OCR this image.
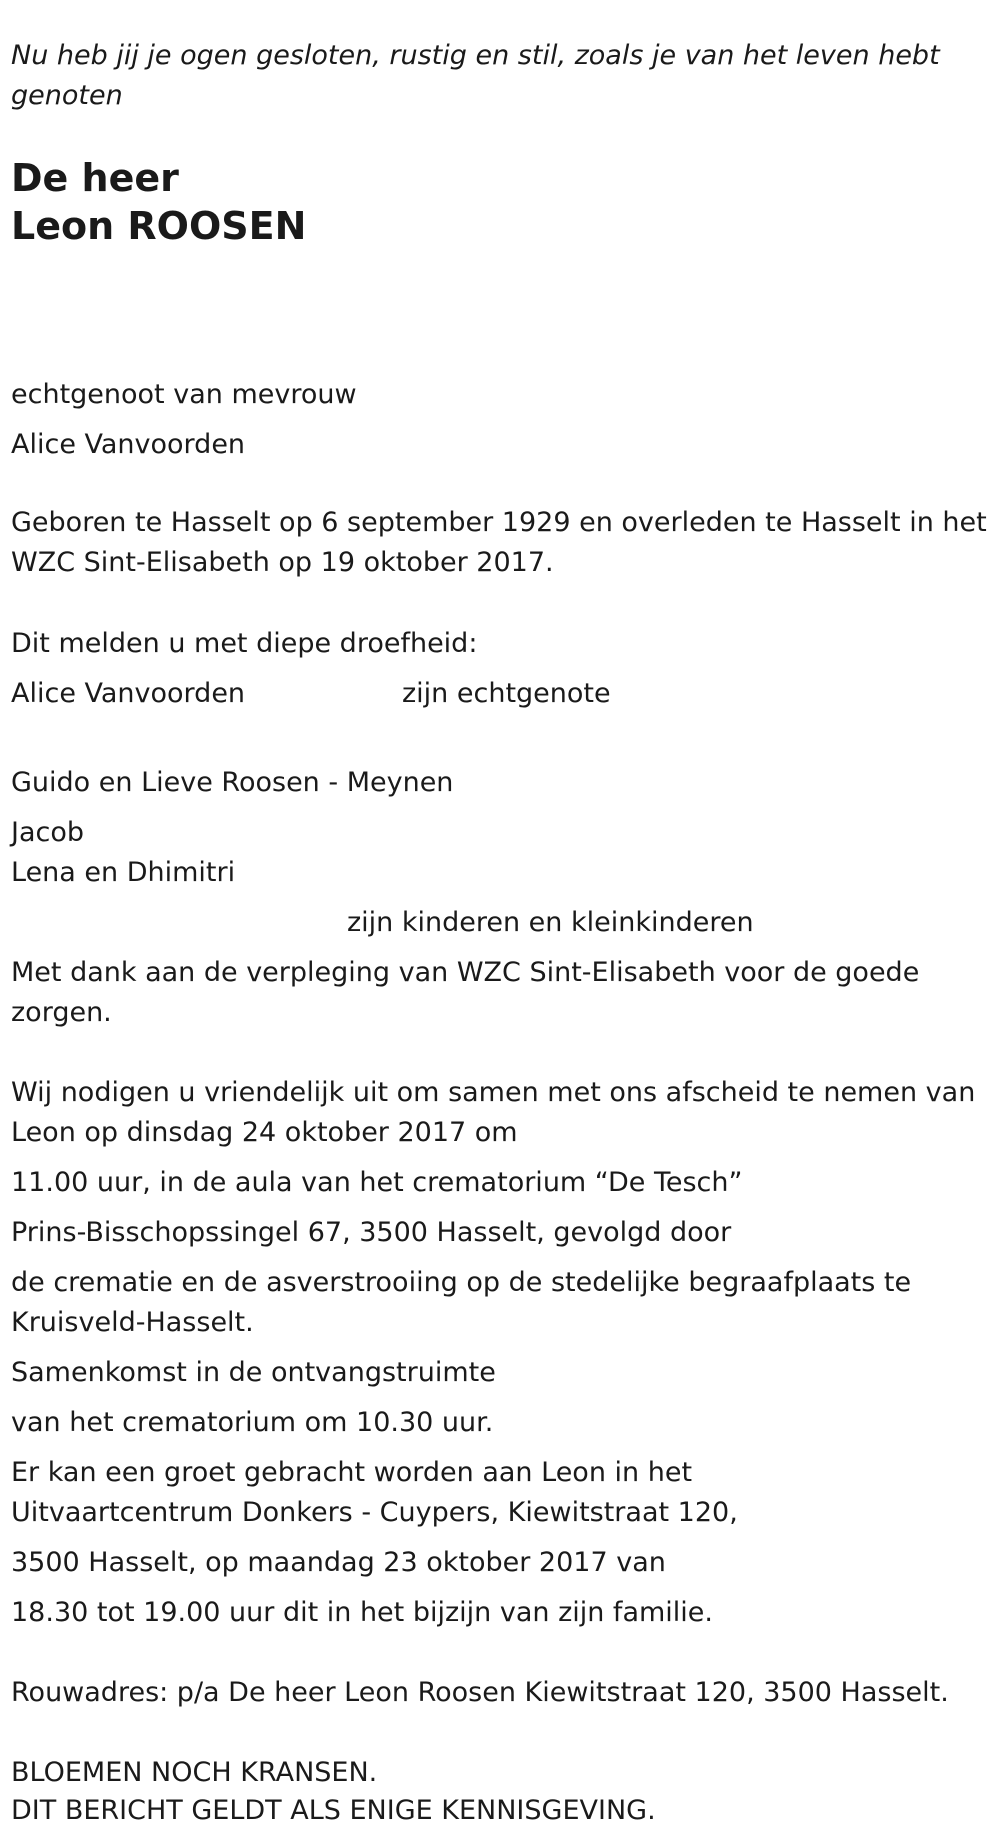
Nu heb jij je ogen gesloten, rustig en stil, zoals je van het leven hebt
genoten
De heer
Leon ROOSEN
echtgenoot van mevrouw
Alice Vanvoorden
Geboren te Hasselt op 6 september 1929 en overleden te Hasselt in het
WZC Sint-Elisabeth op 19 oktober 2017.
Dit melden u met diepe droefheid:
Alice Vanvoorden	zijn echtgenote
Guido en Lieve Roosen - Meynen
Jacob
Lena en Dhimitri
zijn kinderen en kleinkinderen
Met dank aan de verpleging van WZC Sint-Elisabeth voor de goede
zorgen.
Wij nodigen u vriendelijk uit om samen met ons afscheid te nemen van
Leon op dinsdag 24 oktober 2017 om
11.00 uur, in de aula van het crematorium “De Tesch”
Prins-Bisschopssingel 67, 3500 Hasselt, gevolgd door
de crematie en de asverstrooiing op de stedelijke begraafplaats te
Kruisveld-Hasselt.
Samenkomst in de ontvangstruimte
van het crematorium om 10.30 uur.
Er kan een groet gebracht worden aan Leon in het
Uitvaartcentrum Donkers - Cuypers, Kiewitstraat 120,
3500 Hasselt, op maandag 23 oktober 2017 van
18.30 tot 19.00 uur dit in het bijzijn van zijn familie.
Rouwadres: p/a De heer Leon Roosen Kiewitstraat 120, 3500 Hasselt.
BLOEMEN NOCH KRANSEN.
DIT BERICHT GELDT ALS ENIGE KENNISGEVING.
